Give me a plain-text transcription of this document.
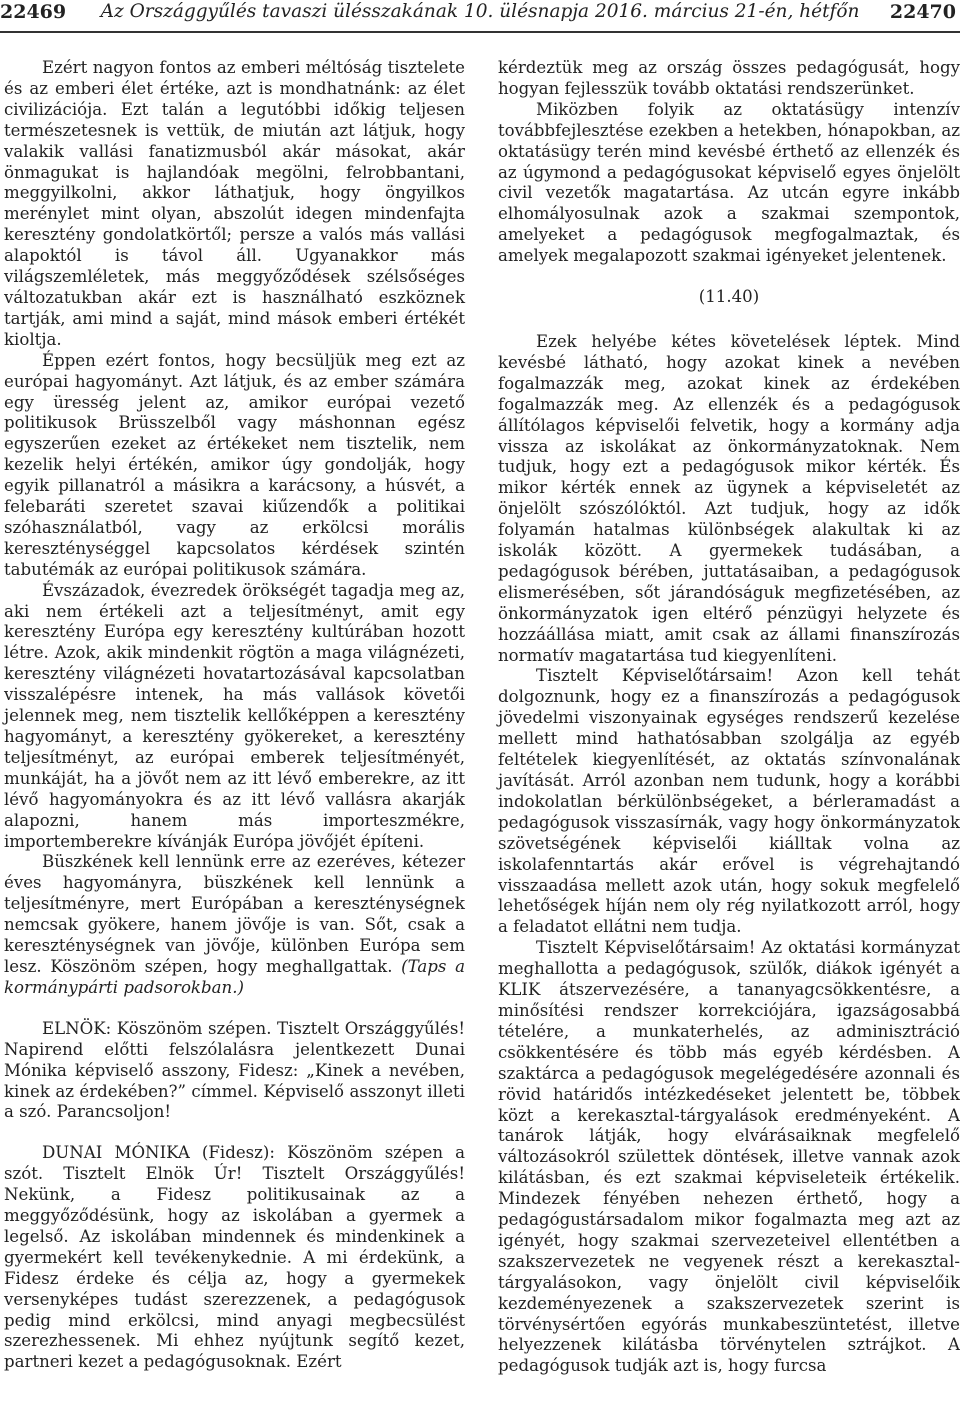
22469	Az Országgyűlés tavaszi ülésszakának 10. ülésnapja 2016. március 21-én, hétfőn	22470

Ezért nagyon fontos az emberi méltóság tisztelete és az emberi élet értéke, azt is mondhatnánk: az élet civilizációja. Ezt talán a legutóbbi időkig teljesen természetesnek is vettük, de miután azt látjuk, hogy valakik vallási fanatizmusból akár másokat, akár önmagukat is hajlandóak megölni, felrobbantani, meggyilkolni, akkor láthatjuk, hogy öngyilkos merénylet mint olyan, abszolút idegen mindenfajta keresztény gondolatkörtől; persze a valós más vallási alapoktól is távol áll. Ugyanakkor más világszemléletek, más meggyőződések szélsőséges változatukban akár ezt is használható eszköznek tartják, ami mind a saját, mind mások emberi értékét kioltja.

Éppen ezért fontos, hogy becsüljük meg ezt az európai hagyományt. Azt látjuk, és az ember számára egy üresség jelent az, amikor európai vezető politikusok Brüsszelből vagy máshonnan egész egyszerűen ezeket az értékeket nem tisztelik, nem kezelik helyi értékén, amikor úgy gondolják, hogy egyik pillanatról a másikra a karácsony, a húsvét, a felebaráti szeretet szavai kiűzendők a politikai szóhasználatból, vagy az erkölcsi morális kereszténységgel kapcsolatos kérdések szintén tabutémák az európai politikusok számára.

Évszázadok, évezredek örökségét tagadja meg az, aki nem értékeli azt a teljesítményt, amit egy keresztény Európa egy keresztény kultúrában hozott létre. Azok, akik mindenkit rögtön a maga világnézeti, keresztény világnézeti hovatartozásával kapcsolatban visszalépésre intenek, ha más vallások követői jelennek meg, nem tisztelik kellőképpen a keresztény hagyományt, a keresztény gyökereket, a keresztény teljesítményt, az európai emberek teljesítményét, munkáját, ha a jövőt nem az itt lévő emberekre, az itt lévő hagyományokra és az itt lévő vallásra akarják alapozni, hanem más importeszmékre, importemberekre kívánják Európa jövőjét építeni.

Büszkének kell lennünk erre az ezeréves, kétezer éves hagyományra, büszkének kell lennünk a teljesítményre, mert Európában a kereszténységnek nemcsak gyökere, hanem jövője is van. Sőt, csak a kereszténységnek van jövője, különben Európa sem lesz. Köszönöm szépen, hogy meghallgattak. (Taps a kormánypárti padsorokban.)

ELNÖK: Köszönöm szépen. Tisztelt Országgyűlés! Napirend előtti felszólalásra jelentkezett Dunai Mónika képviselő asszony, Fidesz: „Kinek a nevében, kinek az érdekében?” címmel. Képviselő asszonyt illeti a szó. Parancsoljon!

DUNAI MÓNIKA (Fidesz): Köszönöm szépen a szót. Tisztelt Elnök Úr! Tisztelt Országgyűlés! Nekünk, a Fidesz politikusainak az a meggyőződésünk, hogy az iskolában a gyermek a legelső. Az iskolában mindennek és mindenkinek a gyermekért kell tevékenykednie. A mi érdekünk, a Fidesz érdeke és célja az, hogy a gyermekek versenyképes tudást szerezzenek, a pedagógusok pedig mind erkölcsi, mind anyagi megbecsülést szerezhessenek. Mi ehhez nyújtunk segítő kezet, partneri kezet a pedagógusoknak. Ezért

kérdeztük meg az ország összes pedagógusát, hogy hogyan fejlesszük tovább oktatási rendszerünket.

Miközben folyik az oktatásügy intenzív továbbfejlesztése ezekben a hetekben, hónapokban, az oktatásügy terén mind kevésbé érthető az ellenzék és az úgymond a pedagógusokat képviselő egyes önjelölt civil vezetők magatartása. Az utcán egyre inkább elhomályosulnak azok a szakmai szempontok, amelyeket a pedagógusok megfogalmaztak, és amelyek megalapozott szakmai igényeket jelentenek.

(11.40)

Ezek helyébe kétes követelések léptek. Mind kevésbé látható, hogy azokat kinek a nevében fogalmazzák meg, azokat kinek az érdekében fogalmazzák meg. Az ellenzék és a pedagógusok állítólagos képviselői felvetik, hogy a kormány adja vissza az iskolákat az önkormányzatoknak. Nem tudjuk, hogy ezt a pedagógusok mikor kérték. És mikor kérték ennek az ügynek a képviseletét az önjelölt szószólóktól. Azt tudjuk, hogy az idők folyamán hatalmas különbségek alakultak ki az iskolák között. A gyermekek tudásában, a pedagógusok bérében, juttatásaiban, a pedagógusok elismerésében, sőt járandóságuk megfizetésében, az önkormányzatok igen eltérő pénzügyi helyzete és hozzáállása miatt, amit csak az állami finanszírozás normatív magatartása tud kiegyenlíteni.

Tisztelt Képviselőtársaim! Azon kell tehát dolgoznunk, hogy ez a finanszírozás a pedagógusok jövedelmi viszonyainak egységes rendszerű kezelése mellett mind hathatósabban szolgálja az egyéb feltételek kiegyenlítését, az oktatás színvonalának javítását. Arról azonban nem tudunk, hogy a korábbi indokolatlan bérkülönbségeket, a bérleramadást a pedagógusok visszasírnák, vagy hogy önkormányzatok szövetségének képviselői kiálltak volna az iskolafenntartás akár erővel is végrehajtandó visszaadása mellett azok után, hogy sokuk megfelelő lehetőségek híján nem oly rég nyilatkozott arról, hogy a feladatot ellátni nem tudja.

Tisztelt Képviselőtársaim! Az oktatási kormányzat meghallotta a pedagógusok, szülők, diákok igényét a KLIK átszervezésére, a tananyagcsökkentésre, a minősítési rendszer korrekciójára, igazságosabbá tételére, a munkaterhelés, az adminisztráció csökkentésére és több más egyéb kérdésben. A szaktárca a pedagógusok megelégedésére azonnali és rövid határidős intézkedéseket jelentett be, többek közt a kerekasztal-tárgyalások eredményeként. A tanárok látják, hogy elvárásaiknak megfelelő változásokról születtek döntések, illetve vannak azok kilátásban, és ezt szakmai képviseleteik értékelik. Mindezek fényében nehezen érthető, hogy a pedagógustársadalom mikor fogalmazta meg azt az igényét, hogy szakmai szervezeteivel ellentétben a szakszervezetek ne vegyenek részt a kerekasztal-tárgyalásokon, vagy önjelölt civil képviselőik kezdeményezenek a szakszervezetek szerint is törvénysértően egyórás munkabeszüntetést, illetve helyezzenek kilátásba törvénytelen sztrájkot. A pedagógusok tudják azt is, hogy furcsa
